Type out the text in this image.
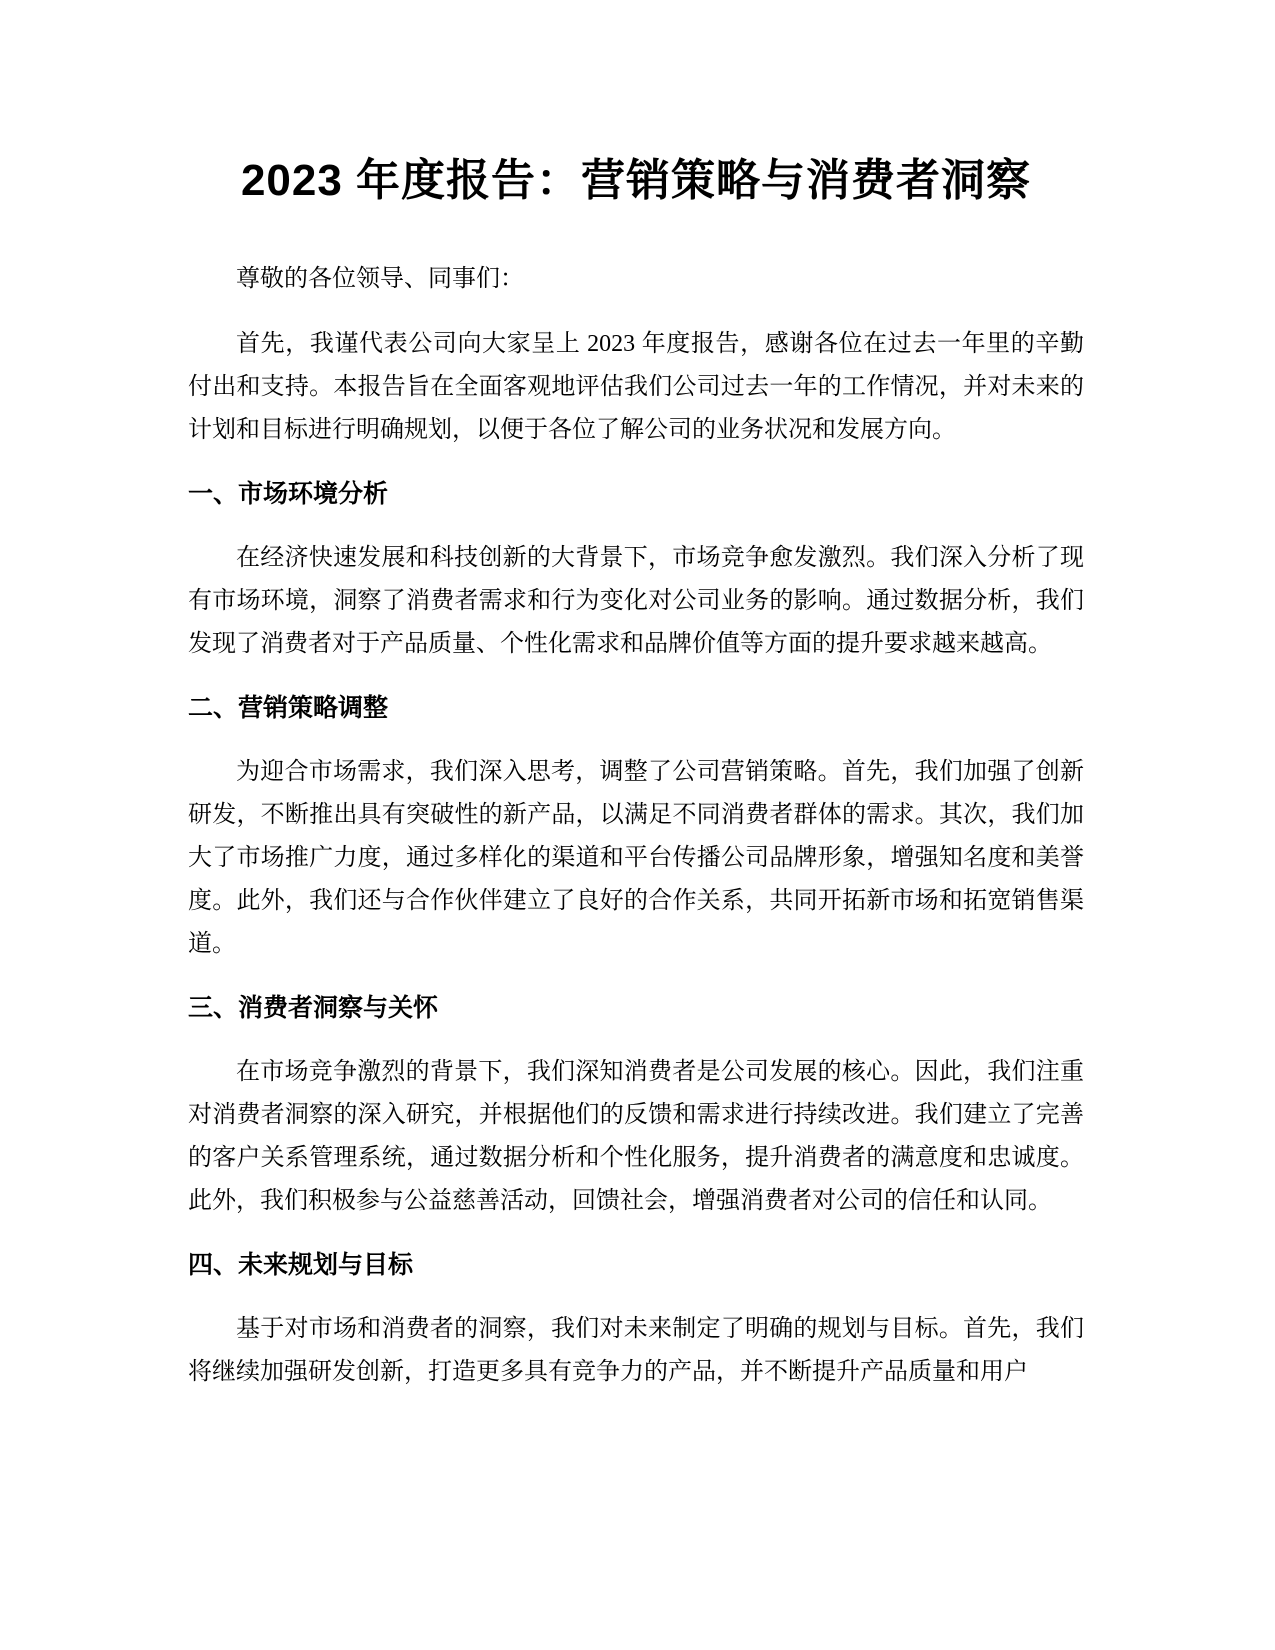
2023 年度报告：营销策略与消费者洞察

尊敬的各位领导、同事们：

首先，我谨代表公司向大家呈上 2023 年度报告，感谢各位在过去一年里的辛勤付出和支持。本报告旨在全面客观地评估我们公司过去一年的工作情况，并对未来的计划和目标进行明确规划，以便于各位了解公司的业务状况和发展方向。

一、市场环境分析

在经济快速发展和科技创新的大背景下，市场竞争愈发激烈。我们深入分析了现有市场环境，洞察了消费者需求和行为变化对公司业务的影响。通过数据分析，我们发现了消费者对于产品质量、个性化需求和品牌价值等方面的提升要求越来越高。

二、营销策略调整

为迎合市场需求，我们深入思考，调整了公司营销策略。首先，我们加强了创新研发，不断推出具有突破性的新产品，以满足不同消费者群体的需求。其次，我们加大了市场推广力度，通过多样化的渠道和平台传播公司品牌形象，增强知名度和美誉度。此外，我们还与合作伙伴建立了良好的合作关系，共同开拓新市场和拓宽销售渠道。

三、消费者洞察与关怀

在市场竞争激烈的背景下，我们深知消费者是公司发展的核心。因此，我们注重对消费者洞察的深入研究，并根据他们的反馈和需求进行持续改进。我们建立了完善的客户关系管理系统，通过数据分析和个性化服务，提升消费者的满意度和忠诚度。此外，我们积极参与公益慈善活动，回馈社会，增强消费者对公司的信任和认同。

四、未来规划与目标

基于对市场和消费者的洞察，我们对未来制定了明确的规划与目标。首先，我们将继续加强研发创新，打造更多具有竞争力的产品，并不断提升产品质量和用户
